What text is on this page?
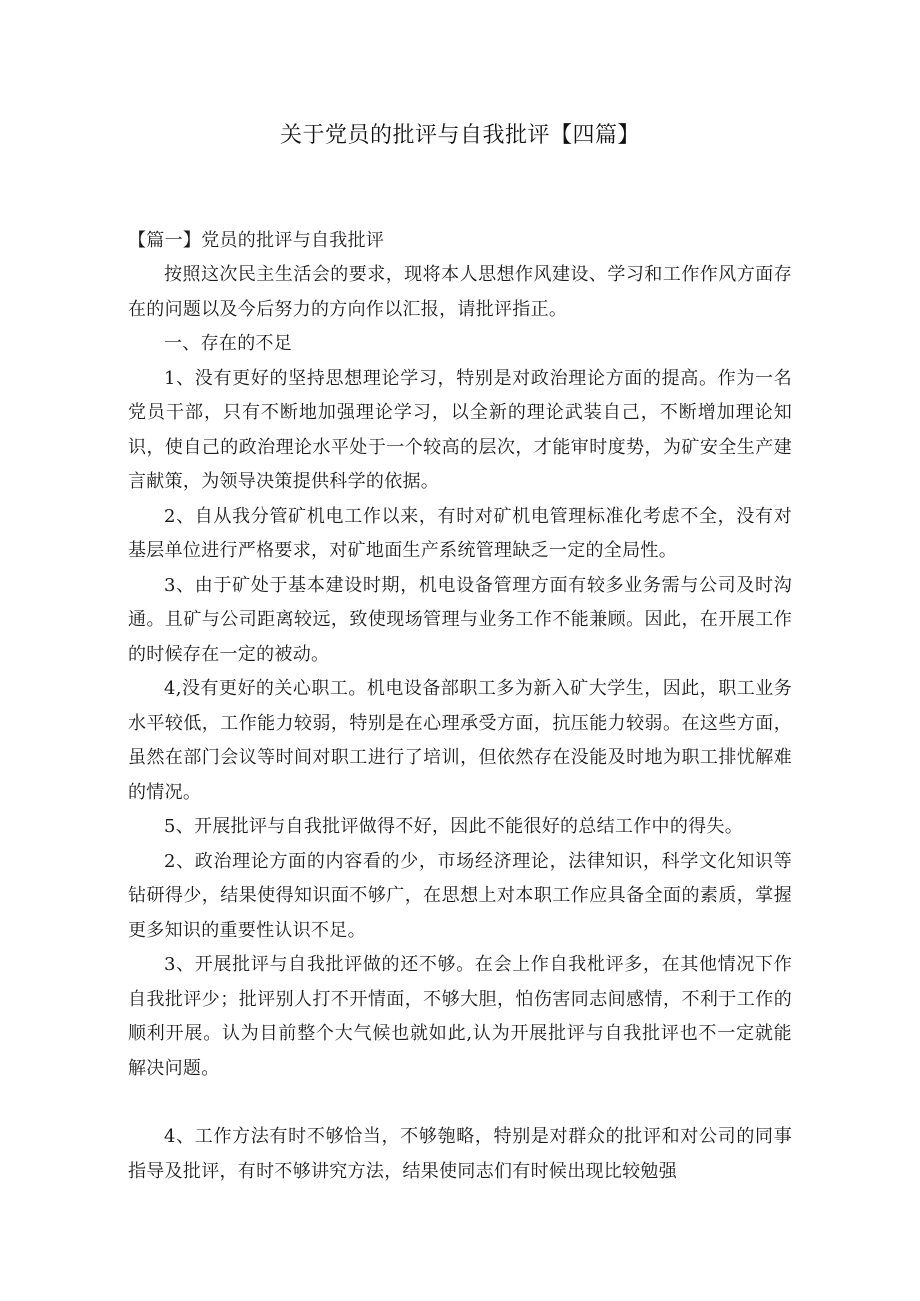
关于党员的批评与自我批评【四篇】

【篇一】党员的批评与自我批评

按照这次民主生活会的要求，现将本人思想作风建设、学习和工作作风方面存在的问题以及今后努力的方向作以汇报，请批评指正。

一、存在的不足

1、没有更好的坚持思想理论学习，特别是对政治理论方面的提高。作为一名党员干部，只有不断地加强理论学习，以全新的理论武装自己，不断增加理论知识，使自己的政治理论水平处于一个较高的层次，才能审时度势，为矿安全生产建言献策，为领导决策提供科学的依据。

2、自从我分管矿机电工作以来，有时对矿机电管理标准化考虑不全，没有对基层单位进行严格要求，对矿地面生产系统管理缺乏一定的全局性。

3、由于矿处于基本建设时期，机电设备管理方面有较多业务需与公司及时沟通。且矿与公司距离较远，致使现场管理与业务工作不能兼顾。因此，在开展工作的时候存在一定的被动。

4,没有更好的关心职工。机电设备部职工多为新入矿大学生，因此，职工业务水平较低，工作能力较弱，特别是在心理承受方面，抗压能力较弱。在这些方面，虽然在部门会议等时间对职工进行了培训，但依然存在没能及时地为职工排忧解难的情况。

5、开展批评与自我批评做得不好，因此不能很好的总结工作中的得失。

2、政治理论方面的内容看的少，市场经济理论，法律知识，科学文化知识等钻研得少，结果使得知识面不够广，在思想上对本职工作应具备全面的素质，掌握更多知识的重要性认识不足。

3、开展批评与自我批评做的还不够。在会上作自我枇评多，在其他情况下作自我批评少；批评别人打不开情面，不够大胆，怕伤害同志间感情，不利于工作的顺利开展。认为目前整个大气候也就如此,认为开展批评与自我批评也不一定就能解决问题。

4、工作方法有时不够恰当，不够匏略，特别是对群众的批评和对公司的同事指导及批评，有时不够讲究方法，结果使同志们有时候出现比较勉强
